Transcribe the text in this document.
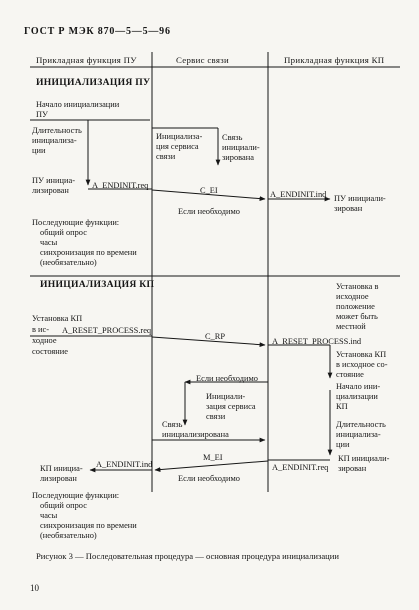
ГОСТ Р МЭК 870—5—5—96
Прикладная функция ПУ	Сервис связи	Прикладная функция КП
ИНИЦИАЛИЗАЦИЯ ПУ
Начало инициализации
ПУ
Длительность
инициализа-
ции
Инициализа-
ция сервиса
связи
Связь
инициали-
зирована
ПУ инициа-
лизирован
A_ENDINIT.req
C_EI
Если необходимо
A_ENDINIT.ind ПУ инициали-
зирован
Последующие функции:
общий опрос
часы
синхронизация по времени
(необязательно)
ИНИЦИАЛИЗАЦИЯ КП	Установка в
исходное
положение
может быть
местной
Установка КП
в ис-
ходное
состояние
A_RESET_PROCESS.req
C_RP
A_RESET_PROCESS.ind
Установка КП
в исходное со-
стояние
Если необходимо
Начало ини-
циализации
КП
Инициали-
зация сервиса
связи
Связь
инициализирована
Длительность
инициализа-
ции
КП инициали-
зирован
M_EI
A_ENDINIT.ind	A_ENDINIT.req
Если необходимо
КП инициа-
лизирован
Последующие функции:
общий опрос
часы
синхронизация по времени
(необязательно)
Рисунок 3 — Последовательная процедура — основная процедура инициализации
10
